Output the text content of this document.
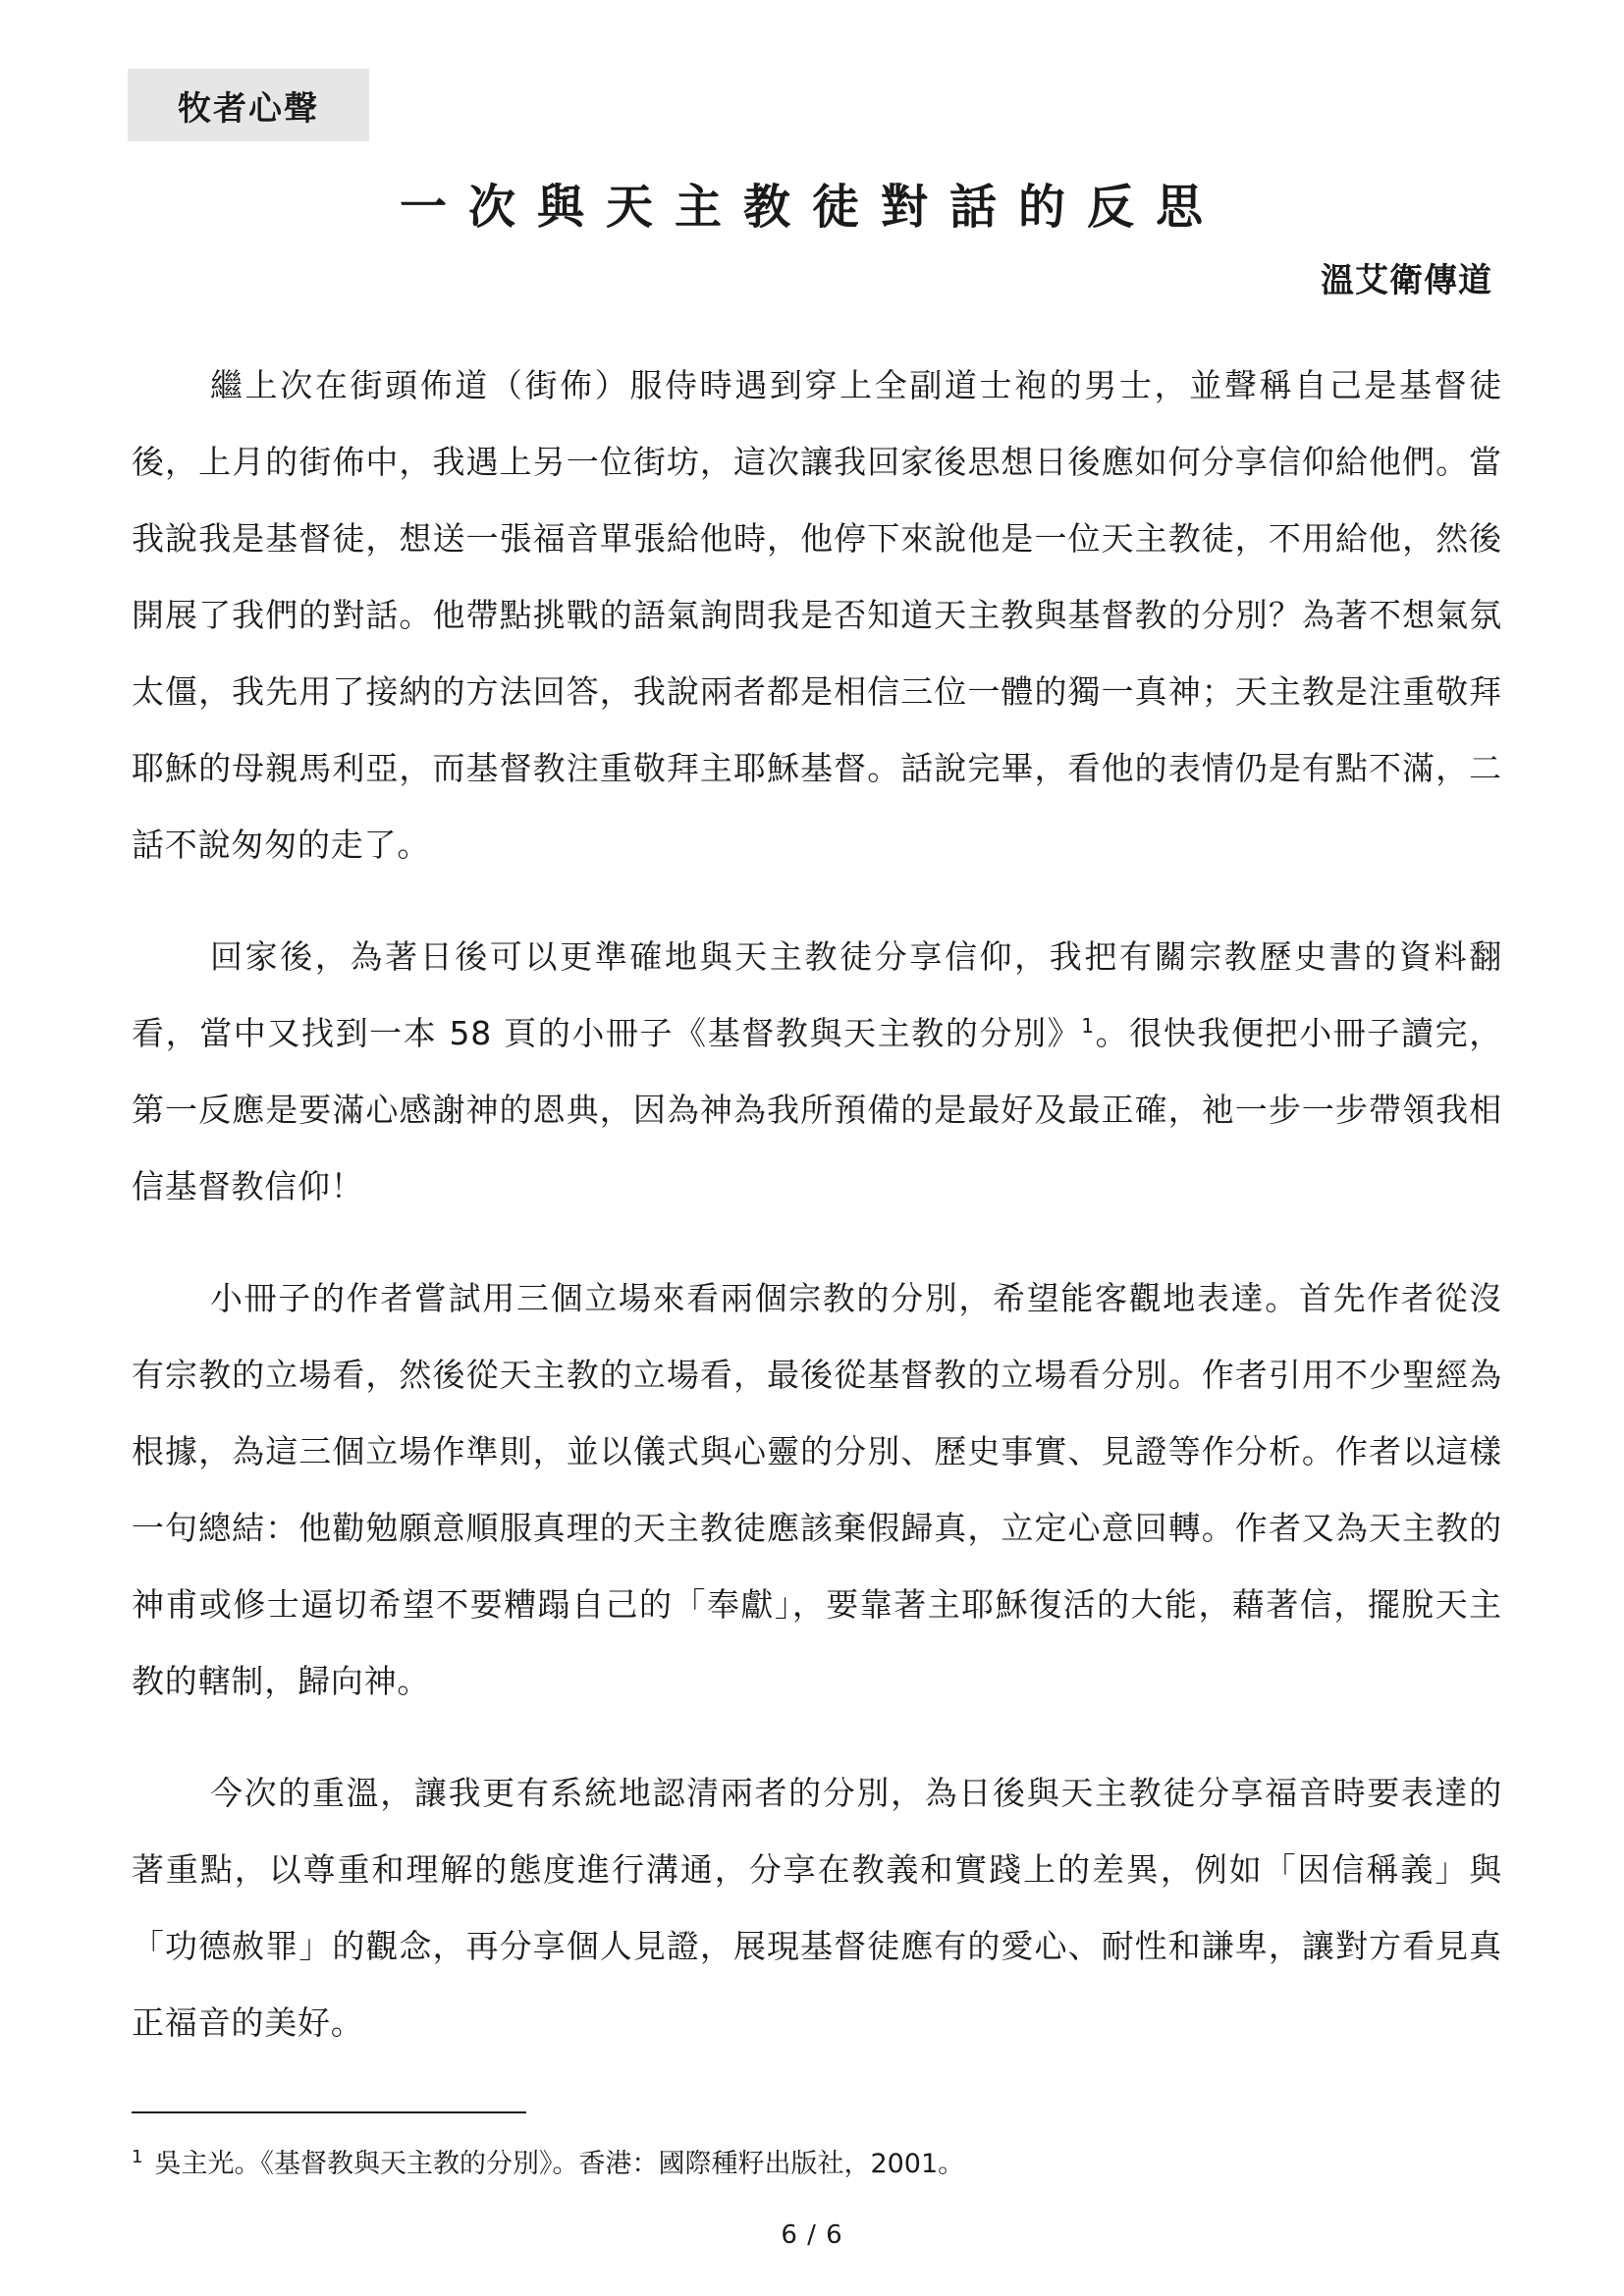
牧者心聲
一次與天主教徒對話的反思
溫艾衛傳道

繼上次在街頭佈道（街佈）服侍時遇到穿上全副道士袍的男士，並聲稱自己是基督徒後，上月的街佈中，我遇上另一位街坊，這次讓我回家後思想日後應如何分享信仰給他們。當我說我是基督徒，想送一張福音單張給他時，他停下來說他是一位天主教徒，不用給他，然後開展了我們的對話。他帶點挑戰的語氣詢問我是否知道天主教與基督教的分別？為著不想氣氛太僵，我先用了接納的方法回答，我說兩者都是相信三位一體的獨一真神；天主教是注重敬拜耶穌的母親馬利亞，而基督教注重敬拜主耶穌基督。話說完畢，看他的表情仍是有點不滿，二話不說匆匆的走了。

回家後，為著日後可以更準確地與天主教徒分享信仰，我把有關宗教歷史書的資料翻看，當中又找到一本 58 頁的小冊子《基督教與天主教的分別》$^1$。很快我便把小冊子讀完，第一反應是要滿心感謝神的恩典，因為神為我所預備的是最好及最正確，祂一步一步帶領我相信基督教信仰！

小冊子的作者嘗試用三個立場來看兩個宗教的分別，希望能客觀地表達。首先作者從沒有宗教的立場看，然後從天主教的立場看，最後從基督教的立場看分別。作者引用不少聖經為根據，為這三個立場作準則，並以儀式與心靈的分別、歷史事實、見證等作分析。作者以這樣一句總結：他勸勉願意順服真理的天主教徒應該棄假歸真，立定心意回轉。作者又為天主教的神甫或修士逼切希望不要糟蹋自己的「奉獻」，要靠著主耶穌復活的大能，藉著信，擺脫天主教的轄制，歸向神。

今次的重溫，讓我更有系統地認清兩者的分別，為日後與天主教徒分享福音時要表達的著重點，以尊重和理解的態度進行溝通，分享在教義和實踐上的差異，例如「因信稱義」與「功德赦罪」的觀念，再分享個人見證，展現基督徒應有的愛心、耐性和謙卑，讓對方看見真正福音的美好。

$^1$ 吳主光。《基督教與天主教的分別》。香港：國際種籽出版社，2001。
6 / 6
